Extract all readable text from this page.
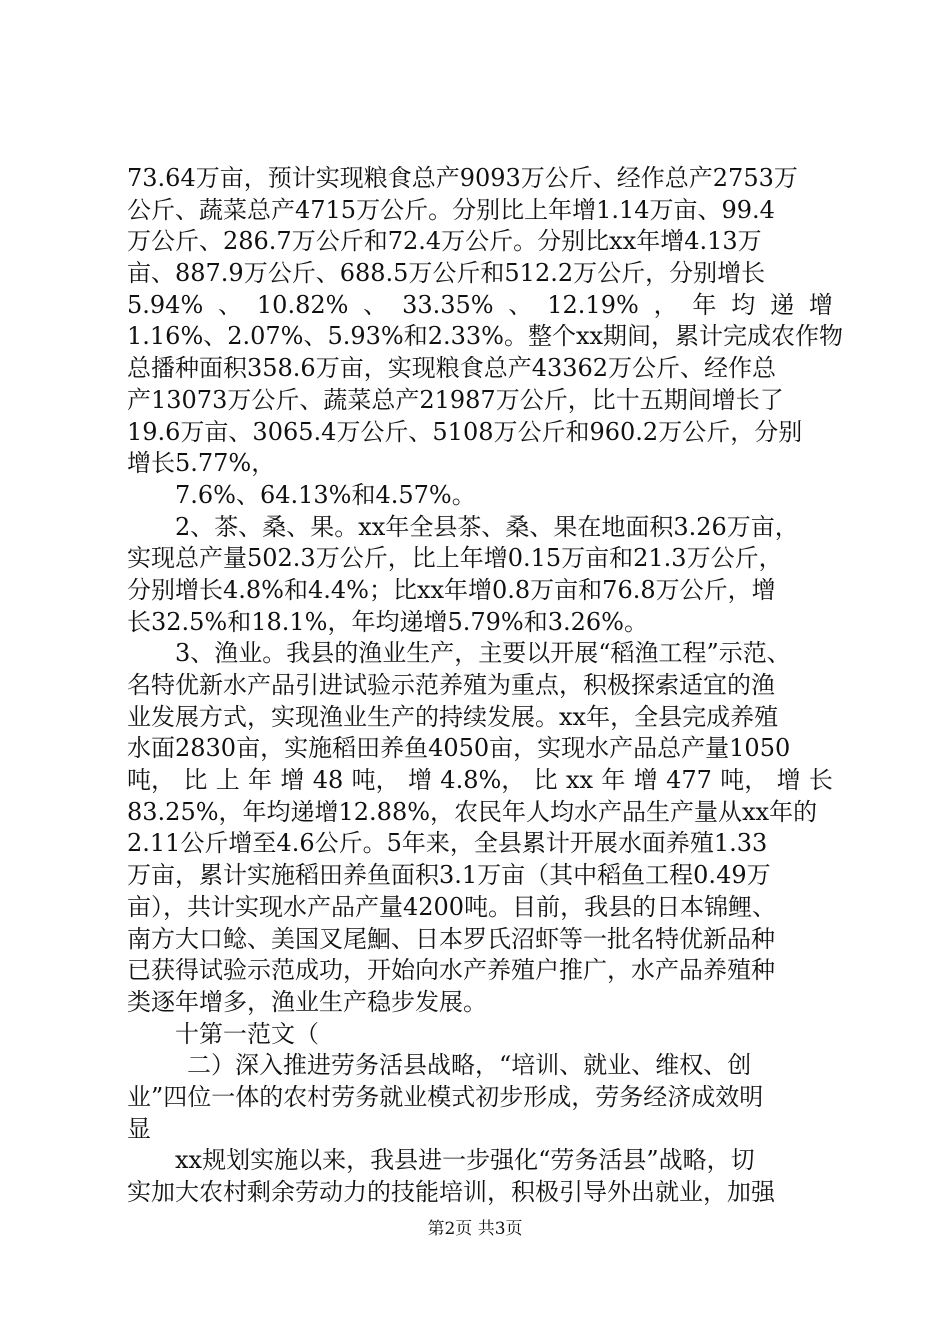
73.64万亩，预计实现粮食总产9093万公斤、经作总产2753万
公斤、蔬菜总产4715万公斤。分别比上年增1.14万亩、99.4
万公斤、286.7万公斤和72.4万公斤。分别比xx年增4.13万
亩、887.9万公斤、688.5万公斤和512.2万公斤，分别增长
5.94% 、 10.82% 、 33.35% 、 12.19% ， 年 均 递 增
1.16%、2.07%、5.93%和2.33%。整个xx期间，累计完成农作物
总播种面积358.6万亩，实现粮食总产43362万公斤、经作总
产13073万公斤、蔬菜总产21987万公斤，比十五期间增长了
19.6万亩、3065.4万公斤、5108万公斤和960.2万公斤，分别
增长5.77%，
7.6%、64.13%和4.57%。
2、茶、桑、果。xx年全县茶、桑、果在地面积3.26万亩，
实现总产量502.3万公斤，比上年增0.15万亩和21.3万公斤，
分别增长4.8%和4.4%；比xx年增0.8万亩和76.8万公斤，增
长32.5%和18.1%，年均递增5.79%和3.26%。
3、渔业。我县的渔业生产，主要以开展“稻渔工程”示范、
名特优新水产品引进试验示范养殖为重点，积极探索适宜的渔
业发展方式，实现渔业生产的持续发展。xx年，全县完成养殖
水面2830亩，实施稻田养鱼4050亩，实现水产品总产量1050
吨， 比 上 年 增 48 吨， 增 4.8%， 比 xx 年 增 477 吨， 增 长
83.25%，年均递增12.88%，农民年人均水产品生产量从xx年的
2.11公斤增至4.6公斤。5年来，全县累计开展水面养殖1.33
万亩，累计实施稻田养鱼面积3.1万亩（其中稻鱼工程0.49万
亩），共计实现水产品产量4200吨。目前，我县的日本锦鲤、
南方大口鲶、美国叉尾鮰、日本罗氏沼虾等一批名特优新品种
已获得试验示范成功，开始向水产养殖户推广，水产品养殖种
类逐年增多，渔业生产稳步发展。
十第一范文（
二）深入推进劳务活县战略，“培训、就业、维权、创
业”四位一体的农村劳务就业模式初步形成，劳务经济成效明
显
xx规划实施以来，我县进一步强化“劳务活县”战略，切
实加大农村剩余劳动力的技能培训，积极引导外出就业，加强
第2页 共3页
